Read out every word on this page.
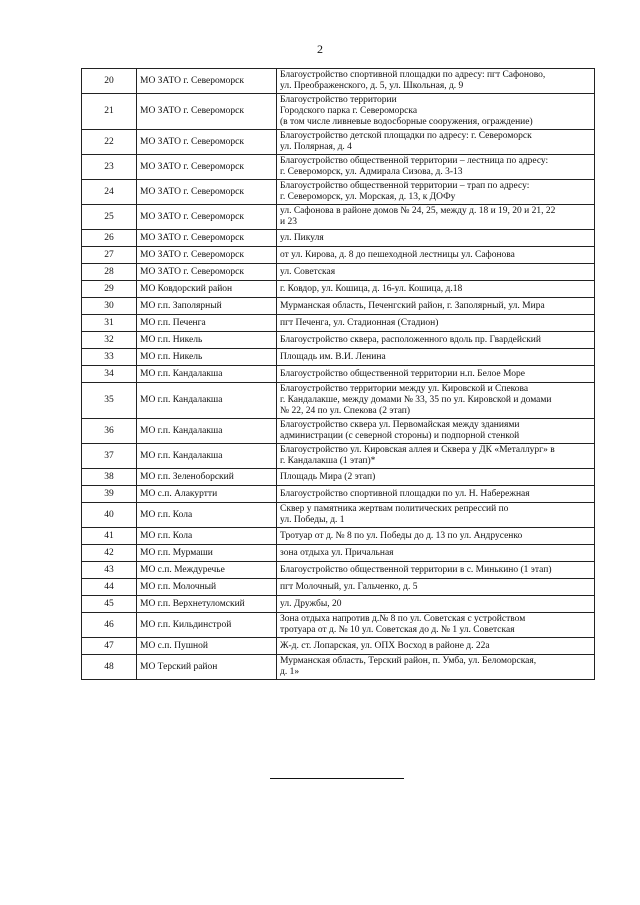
2
20	МО ЗАТО г. Североморск	Благоустройство спортивной площадки по адресу: пгт Сафоново,
ул. Преображенского, д. 5, ул. Школьная, д. 9

21	МО ЗАТО г. Североморск	Благоустройство территории
Городского парка г. Североморска
(в том числе ливневые водосборные сооружения, ограждение)

22	МО ЗАТО г. Североморск	Благоустройство детской площадки по адресу: г. Североморск
ул. Полярная, д. 4

23	МО ЗАТО г. Североморск	Благоустройство общественной территории – лестница по адресу:
г. Североморск, ул. Адмирала Сизова, д. 3-13

24	МО ЗАТО г. Североморск	Благоустройство общественной территории – трап по адресу:
г. Североморск, ул. Морская, д. 13, к ДОФу

25	МО ЗАТО г. Североморск	ул. Сафонова в районе домов № 24, 25, между д. 18 и 19, 20 и 21, 22
и 23

26	МО ЗАТО г. Североморск	ул. Пикуля

27	МО ЗАТО г. Североморск	от ул. Кирова, д. 8 до пешеходной лестницы ул. Сафонова

28	МО ЗАТО г. Североморск	ул. Советская

29	МО Ковдорский район	г. Ковдор, ул. Кошица, д. 16-ул. Кошица, д.18

30	МО г.п. Заполярный	Мурманская область, Печенгский район, г. Заполярный, ул. Мира

31	МО г.п. Печенга	пгт Печенга, ул. Стадионная (Стадион)

32	МО г.п. Никель	Благоустройство сквера, расположенного вдоль пр. Гвардейский

33	МО г.п. Никель	Площадь им. В.И. Ленина

34	МО г.п. Кандалакша	Благоустройство общественной территории н.п. Белое Море

35	МО г.п. Кандалакша	Благоустройство территории между ул. Кировской и Спекова
г. Кандалакше, между домами № 33, 35 по ул. Кировской и домами
№ 22, 24 по ул. Спекова (2 этап)

36	МО г.п. Кандалакша	Благоустройство сквера ул. Первомайская между зданиями
администрации (с северной стороны) и подпорной стенкой

37	МО г.п. Кандалакша	Благоустройство ул. Кировская аллея и Сквера у ДК «Металлург» в
г. Кандалакша (1 этап)*

38	МО г.п. Зеленоборский	Площадь Мира (2 этап)

39	МО с.п. Алакуртти	Благоустройство спортивной площадки по ул. Н. Набережная

40	МО г.п. Кола	Сквер у памятника жертвам политических репрессий по
ул. Победы, д. 1

41	МО г.п. Кола	Тротуар от д. № 8 по ул. Победы до д. 13 по ул. Андрусенко

42	МО г.п. Мурмаши	зона отдыха ул. Причальная

43	МО с.п. Междуречье	Благоустройство общественной территории в с. Минькино (1 этап)

44	МО г.п. Молочный	пгт Молочный, ул. Гальченко, д. 5

45	МО г.п. Верхнетуломский	ул. Дружбы, 20

46	МО г.п. Кильдинстрой	Зона отдыха напротив д.№ 8 по ул. Советская с устройством
тротуара от д. № 10 ул. Советская до д. № 1 ул. Советская

47	МО с.п. Пушной	Ж-д. ст. Лопарская, ул. ОПХ Восход в районе д. 22а

48	МО Терский район	Мурманская область, Терский район, п. Умба, ул. Беломорская,
д. 1»
